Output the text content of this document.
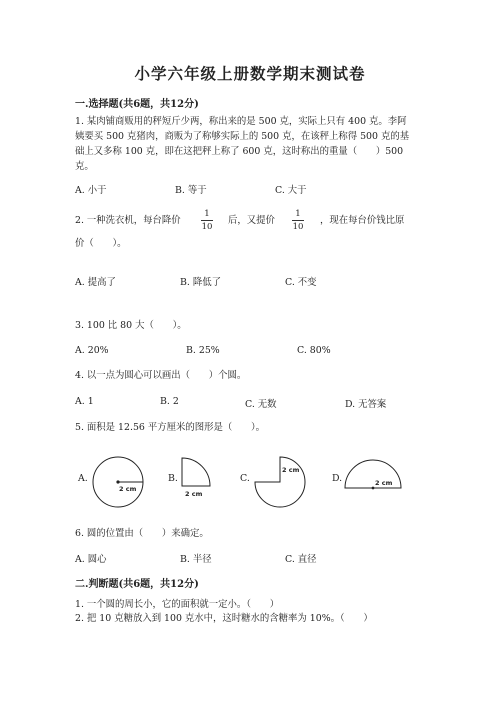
小学六年级上册数学期末测试卷
一.选择题(共6题，共12分)
1. 某肉铺商贩用的秤短斤少两，称出来的是 500 克，实际上只有 400 克。李阿
姨要买 500 克猪肉，商贩为了称够实际上的 500 克，在该秤上称得 500 克的基
础上又多称 100 克，即在这把秤上称了 600 克，这时称出的重量（　　）500
克。
A. 小于	B. 等于	C. 大于
2. 一种洗衣机，每台降价
1
10
后，又提价
1
10
，现在每台价钱比原
价（　　）。
A. 提高了	B. 降低了	C. 不变
3. 100 比 80 大（　　）。
A. 20%	B. 25%	C. 80%
4. 以一点为圆心可以画出（　　）个圆。
A. 1	B. 2	C. 无数	D. 无答案
5. 面积是 12.56 平方厘米的图形是（　　）。
A.
2 cm
B.
2 cm
C.
2 cm
D.	2 cm
6. 圆的位置由（　　）来确定。
A. 圆心	B. 半径	C. 直径
二.判断题(共6题，共12分)
1. 一个圆的周长小，它的面积就一定小。（　　）
2. 把 10 克糖放入到 100 克水中，这时糖水的含糖率为 10%。（　　）
